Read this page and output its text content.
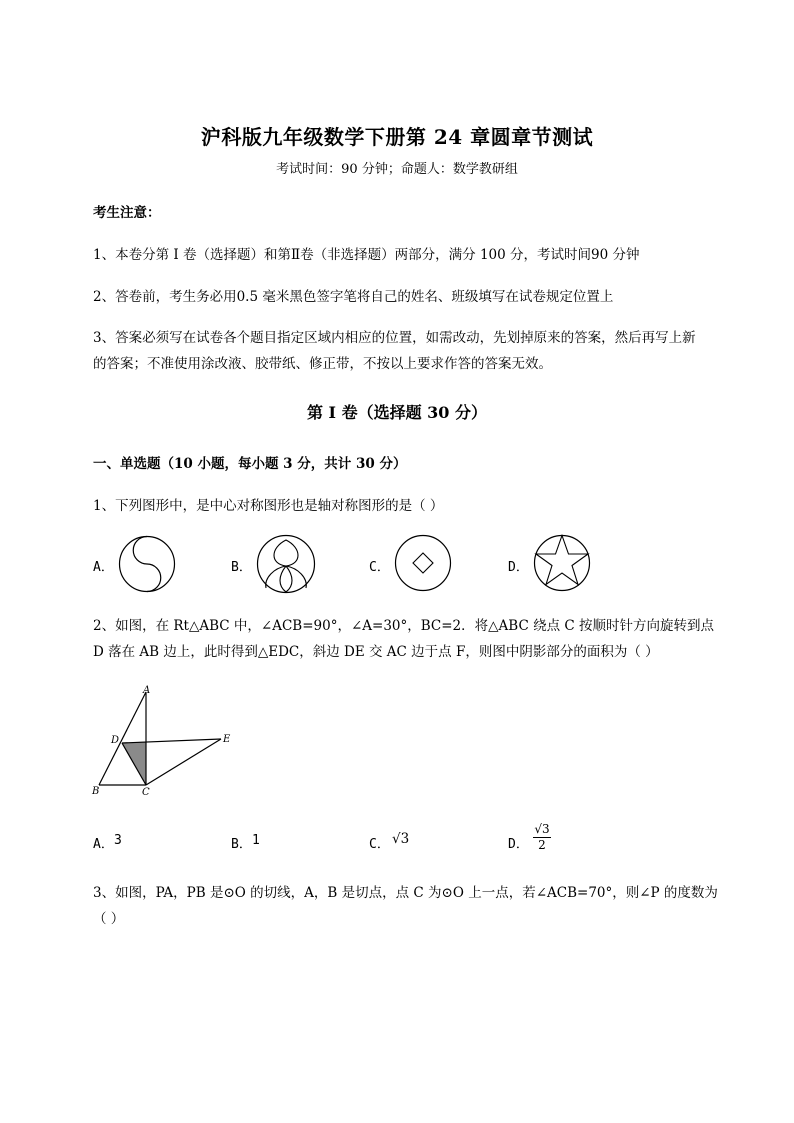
沪科版九年级数学下册第 24 章圆章节测试
考试时间：90 分钟；命题人：数学教研组
考生注意：
1、本卷分第 I 卷（选择题）和第Ⅱ卷（非选择题）两部分，满分 100 分，考试时间90 分钟
2、答卷前，考生务必用0.5 毫米黑色签字笔将自己的姓名、班级填写在试卷规定位置上
3、答案必须写在试卷各个题目指定区域内相应的位置，如需改动，先划掉原来的答案，然后再写上新
的答案；不准使用涂改液、胶带纸、修正带，不按以上要求作答的答案无效。
第 I 卷（选择题 30 分）
一、单选题（10 小题，每小题 3 分，共计 30 分）
1、下列图形中，是中心对称图形也是轴对称图形的是（ ）
A．	B．	C．	D．
2、如图，在 Rt△ABC 中，∠ACB=90°，∠A=30°，BC=2．将△ABC 绕点 C 按顺时针方向旋转到点
D 落在 AB 边上，此时得到△EDC，斜边 DE 交 AC 边于点 F，则图中阴影部分的面积为（ ）
A
D	E
B	C
A． 3	B． 1	C． √3	D．
√3
2
3、如图，PA，PB 是⊙O 的切线，A，B 是切点，点 C 为⊙O 上一点，若∠ACB=70°，则∠P 的度数为
（ ）
